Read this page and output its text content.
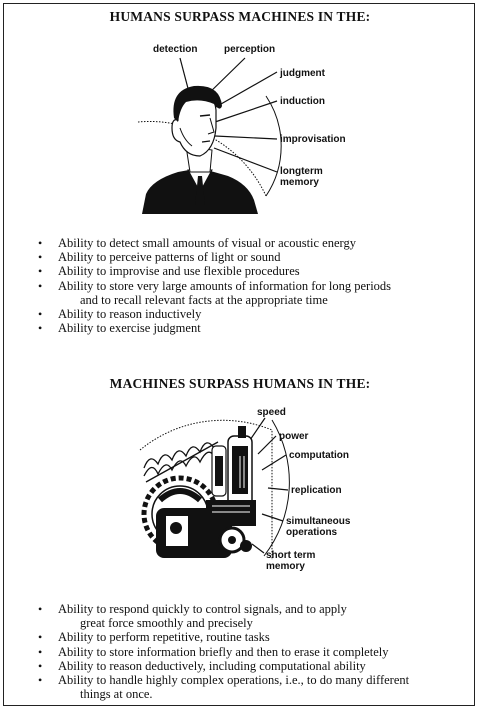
HUMANS SURPASS MACHINES IN THE:
detection	perception
judgment
induction
improvisation
longterm memory
• Ability to detect small amounts of visual or acoustic energy
• Ability to perceive patterns of light or sound
• Ability to improvise and use flexible procedures
• Ability to store very large amounts of information for long periods
and to recall relevant facts at the appropriate time
• Ability to reason inductively
• Ability to exercise judgment
MACHINES SURPASS HUMANS IN THE:
speed
power
computation
replication
simultaneous operations
short term memory
• Ability to respond quickly to control signals, and to apply
great force smoothly and precisely
• Ability to perform repetitive, routine tasks
• Ability to store information briefly and then to erase it completely
• Ability to reason deductively, including computational ability
• Ability to handle highly complex operations, i.e., to do many different
things at once.
